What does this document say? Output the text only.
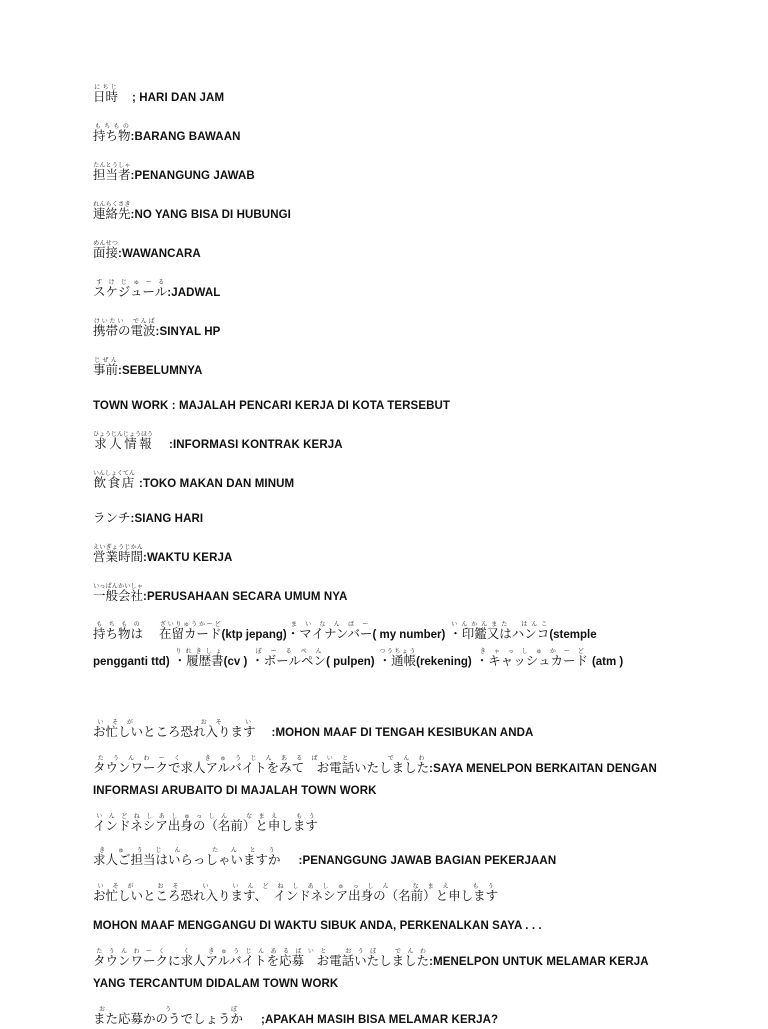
日時にちじ; HARI DAN JAM
持ち物もちもの:BARANG BAWAAN
担当者たんとうしゃ:PENANGUNG JAWAB
連絡先れんらくさき:NO YANG BISA DI HUBUNGI
面接めんせつ:WAWANCARA
スケジュールすけじゅーる:JADWAL
携帯の電波けいたい　でんぱ:SINYAL HP
事前じぜん:SEBELUMNYA
TOWN WORK : MAJALAH PENCARI KERJA DI KOTA TERSEBUT
求人情報ひょうじんじょうほう:INFORMASI KONTRAK KERJA
飲食店いんしょくてん:TOKO MAKAN DAN MINUM
ランチ:SIANG HARI
営業時間えいぎょうじかん:WAKTU KERJA
一般会社いっぱんかいしゃ:PERUSAHAAN SECARA UMUM NYA
持ち物はもちもの在留カードざいりゅうかーど(ktp jepang)・マイナンバーまいなんばー( my number) ・印鑑又はハンコいんかんまた　はんこ(stemple
pengganti ttd) ・履歴書りれきしょ(cv ) ・ボールペンぼーるぺん( pulpen) ・通帳つうちょう(rekening) ・キャッシュカードきゃっしゅかーど(atm )
お忙しいところ恐れ入りますいそが　　　　おそ　い:MOHON MAAF DI TENGAH KESIBUKAN ANDA
タウンワークで求人アルバイトをみて　お電話いたしましたたうんわーく　きゅうじんあるばいと　　でんわ:SAYA MENELPON BERKAITAN DENGAN
INFORMASI ARUBAITO DI MAJALAH TOWN WORK
インドネシア出身の（名前）と申しますいんどねしあしゅっしん　なまえ　もう
求人ご担当はいらっしゃいますかきゅうじん　たんとう:PENANGGUNG JAWAB BAGIAN PEKERJAAN
お忙しいところ恐れ入ります、　インドネシア出身の（名前）と申しますいそが　おそ　い　いんどねしあしゅっしん　なまえ　もう
MOHON MAAF MENGGANGU DI WAKTU SIBUK ANDA, PERKENALKAN SAYA . . .
タウンワークに求人アルバイトを応募　お電話いたしましたたうんわーく　く　きゅうじんあるばいと　おうぼ　でんわ:MENELPON UNTUK MELAMAR KERJA
YANG TERCANTUM DIDALAM TOWN WORK
また応募かのうでしょうかおうぼ;APAKAH MASIH BISA MELAMAR KERJA?
